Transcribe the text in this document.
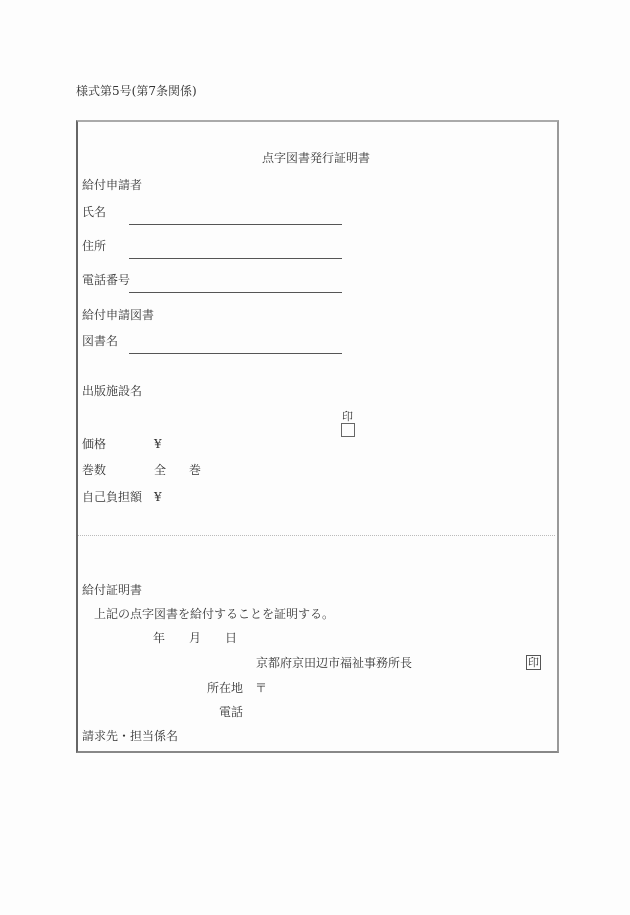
様式第5号(第7条関係)
点字図書発行証明書
給付申請者
氏名
住所
電話番号
給付申請図書
図書名
出版施設名
印
価格	¥
巻数	全 巻
自己負担額 ¥
給付証明書
上記の点字図書を給付することを証明する。
年 月 日
京都府京田辺市福祉事務所長	印
所在地 〒
電話
請求先・担当係名
